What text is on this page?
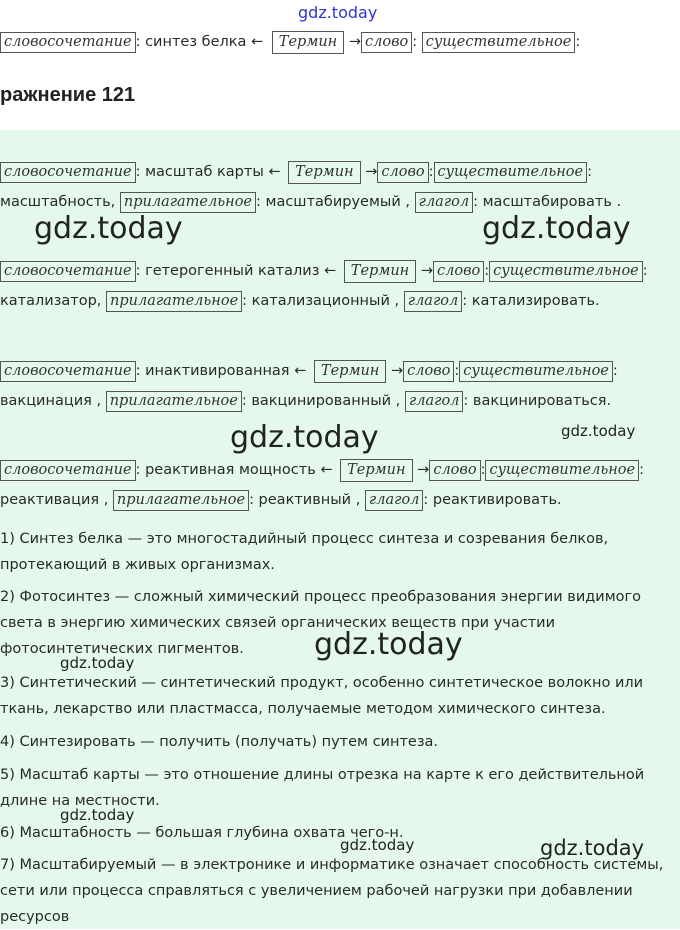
gdz.today
словосочетание : синтез белка ← Термин → слово : существительное :
ражнение 121
словосочетание : масштаб карты ← Термин → слово : существительное :
масштабность, прилагательное : масштабируемый , глагол : масштабировать .
словосочетание : гетерогенный катализ ← Термин → слово : существительное :
катализатор, прилагательное : катализационный , глагол : катализировать.
словосочетание : инактивированная ← Термин → слово : существительное :
вакцинация , прилагательное : вакцинированный , глагол : вакцинироваться.
словосочетание : реактивная мощность ← Термин → слово : существительное :
реактивация , прилагательное : реактивный , глагол : реактивировать.
1) Синтез белка — это многостадийный процесс синтеза и созревания белков, протекающий в живых организмах.
2) Фотосинтез — сложный химический процесс преобразования энергии видимого света в энергию химических связей органических веществ при участии фотосинтетических пигментов.
3) Синтетический — синтетический продукт, особенно синтетическое волокно или ткань, лекарство или пластмасса, получаемые методом химического синтеза.
4) Синтезировать — получить (получать) путем синтеза.
5) Масштаб карты — это отношение длины отрезка на карте к его действительной длине на местности.
6) Масштабность — большая глубина охвата чего-н.
7) Масштабируемый — в электронике и информатике означает способность системы, сети или процесса справляться с увеличением рабочей нагрузки при добавлении ресурсов
gdz.today	gdz.today
gdz.today	gdz.today
gdz.today
gdz.today
gdz.today
gdz.today	gdz.today
